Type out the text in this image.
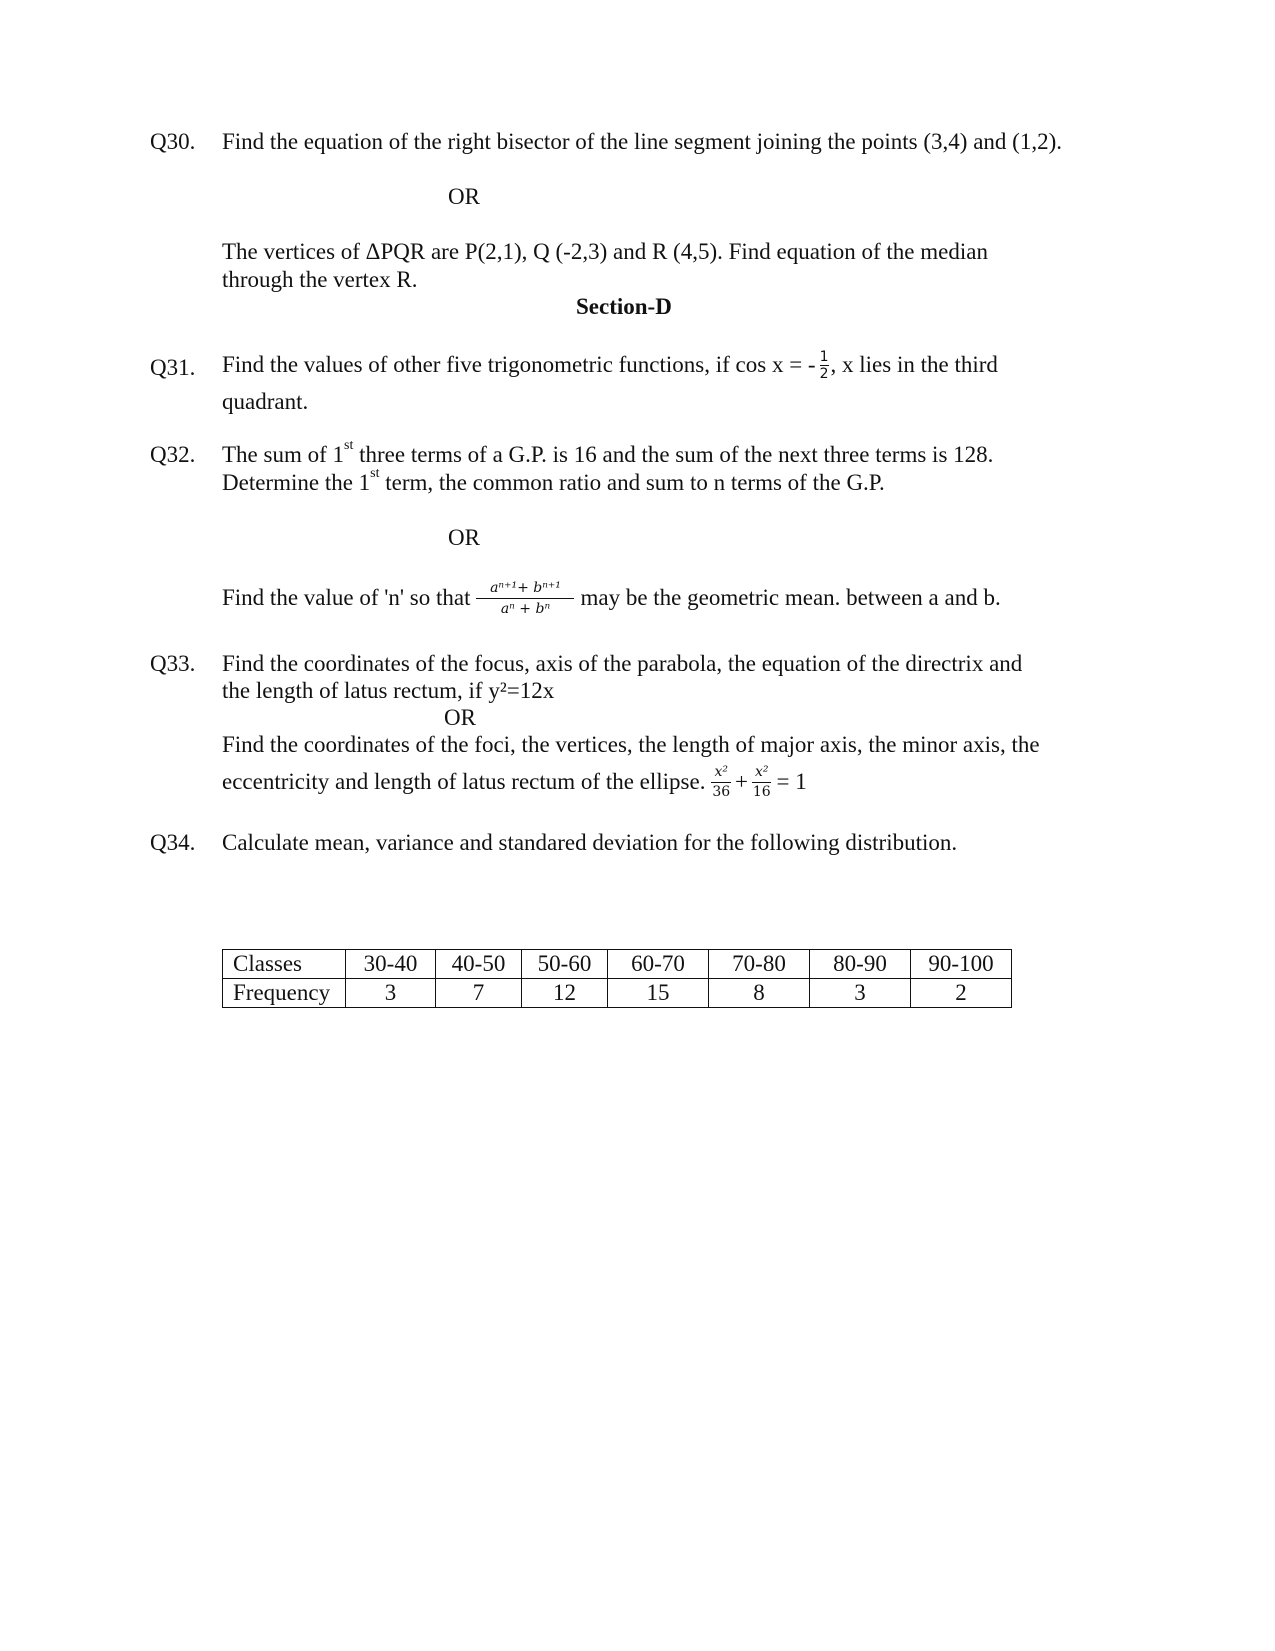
Q30. Find the equation of the right bisector of the line segment joining the points (3,4) and (1,2).
OR
The vertices of ΔPQR are P(2,1), Q (-2,3) and R (4,5). Find equation of the median
through the vertex R.
Section-D
Q31. Find the values of other five trigonometric functions, if cos x = - $\frac{1}{2}$ , x lies in the third
quadrant.
Q32. The sum of 1st three terms of a G.P. is 16 and the sum of the next three terms is 128.
Determine the 1st term, the common ratio and sum to n terms of the G.P.
OR
Find the value of 'n' so that $\frac{\text{aⁿ⁺¹+ bⁿ⁺¹}}{\text{aⁿ + bⁿ}}$ may be the geometric mean. between a and b.
Q33. Find the coordinates of the focus, axis of the parabola, the equation of the directrix and
the length of latus rectum, if y²=12x
OR
Find the coordinates of the foci, the vertices, the length of major axis, the minor axis, the
eccentricity and length of latus rectum of the ellipse. $\frac{\text{x²}}{36} + \frac{\text{x²}}{16} = 1$
Q34. Calculate mean, variance and standared deviation for the following distribution.
Classes	30-40	40-50	50-60	60-70	70-80	80-90	90-100
Frequency	3	7	12	15	8	3	2
